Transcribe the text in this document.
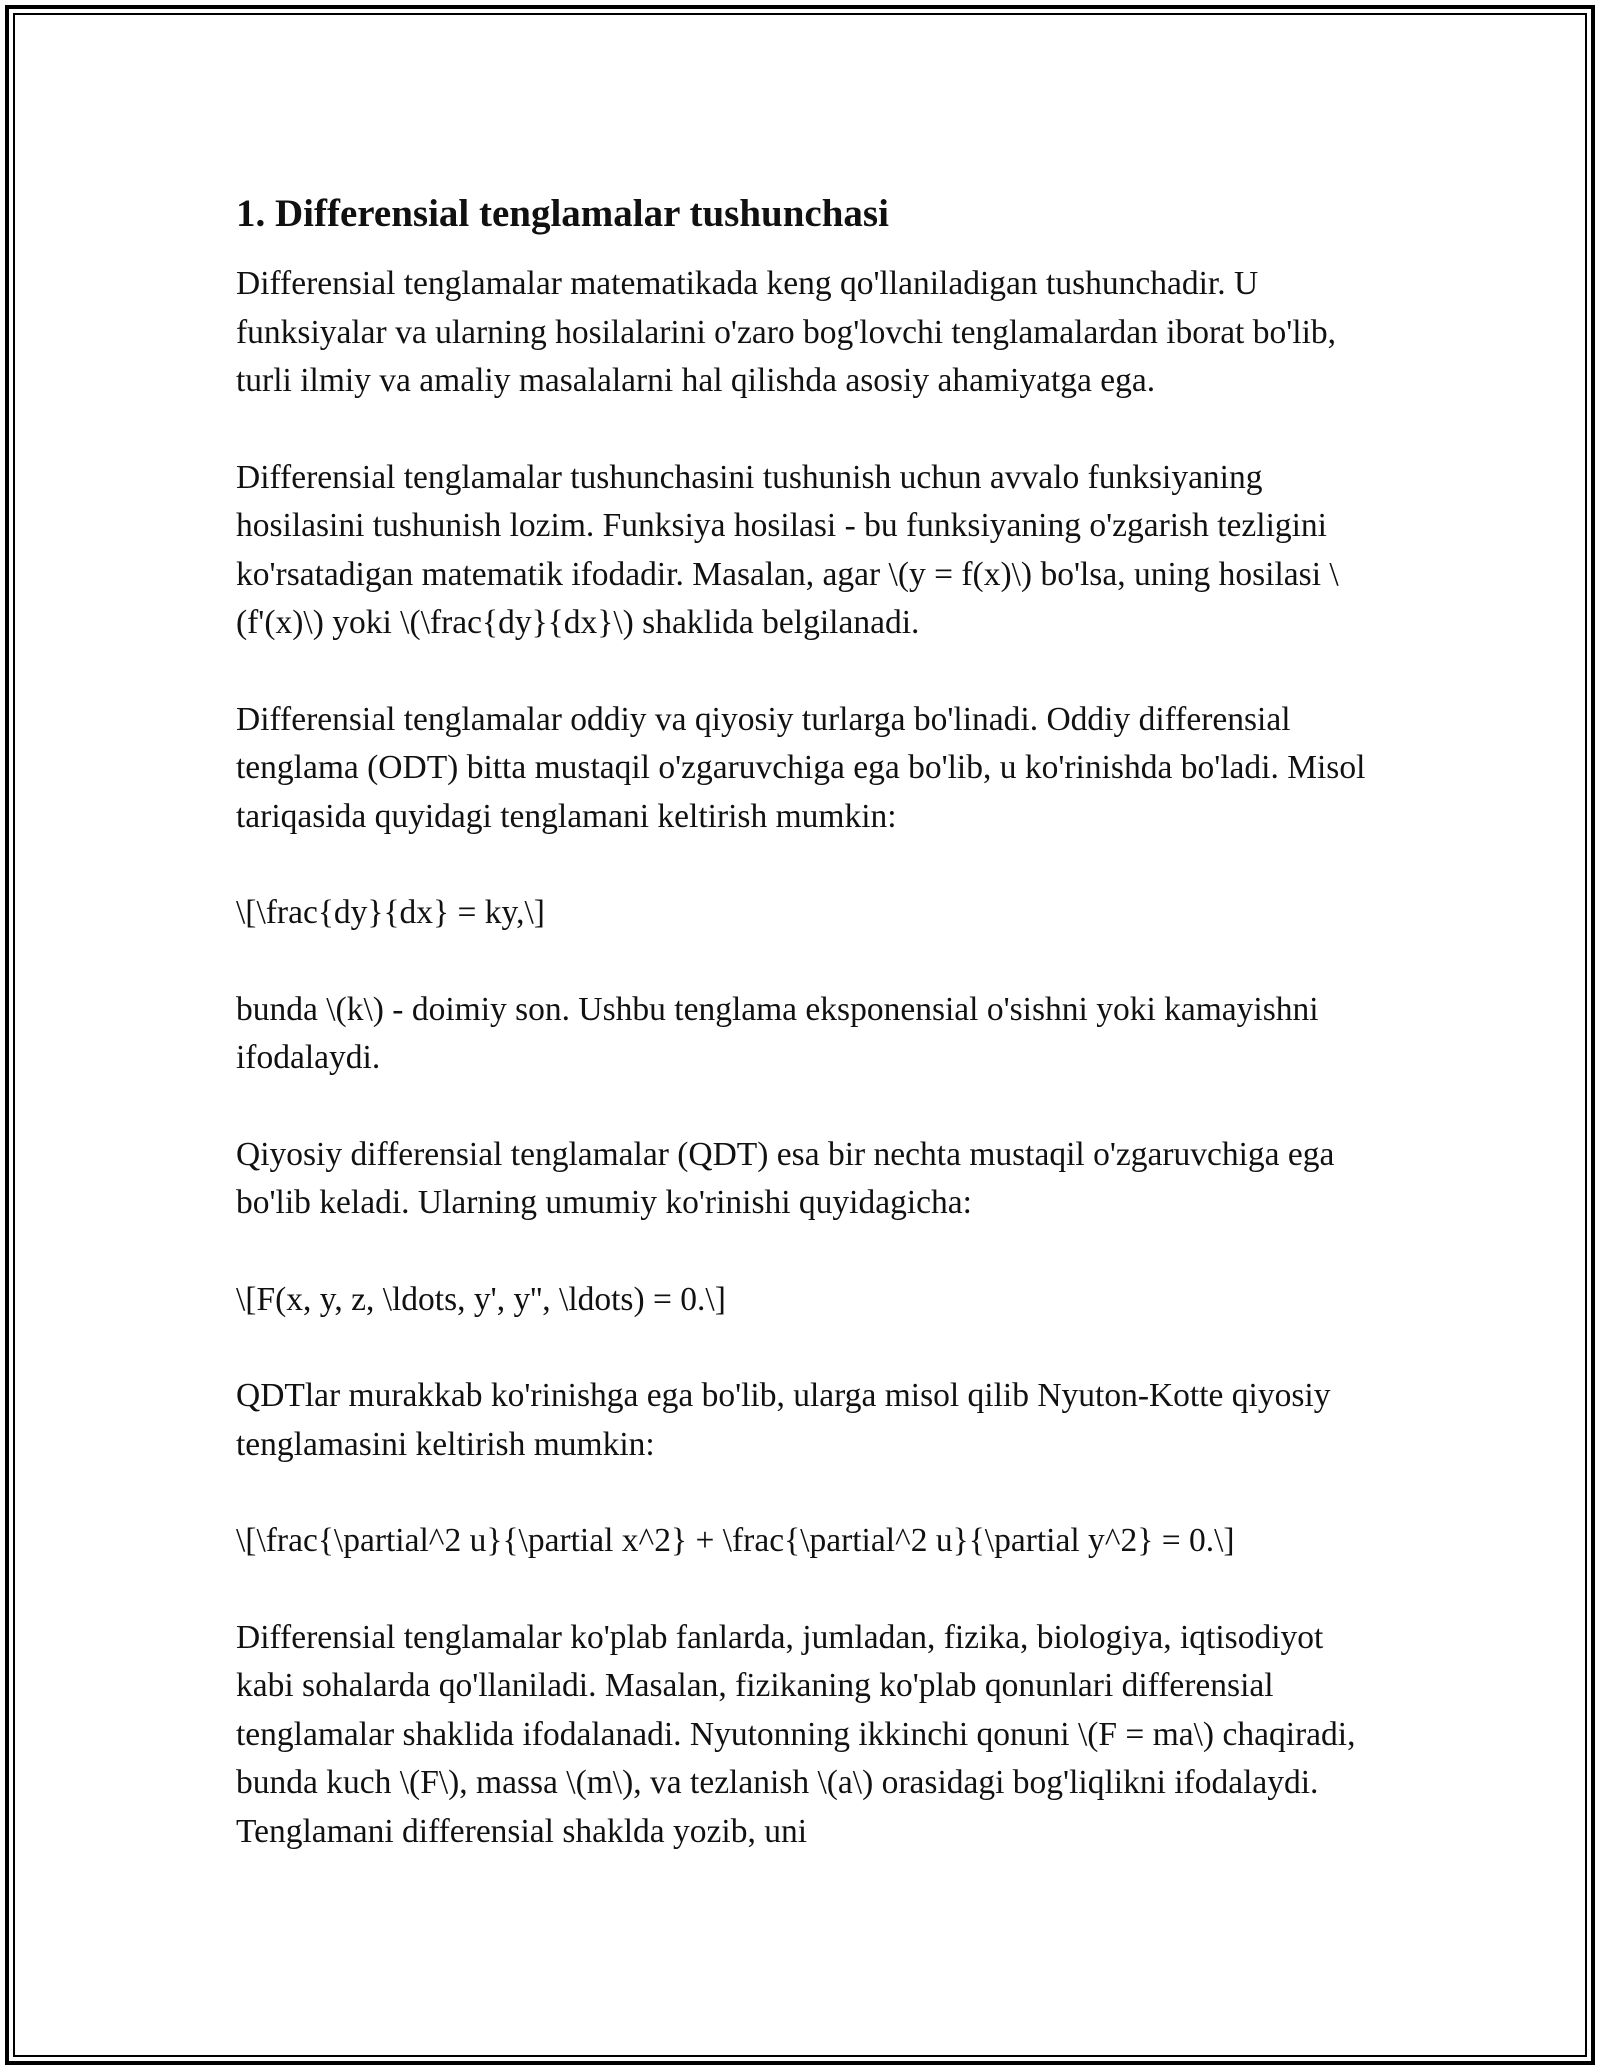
1. Differensial tenglamalar tushunchasi

Differensial tenglamalar matematikada keng qo'llaniladigan tushunchadir. U funksiyalar va ularning hosilalarini o'zaro bog'lovchi tenglamalardan iborat bo'lib, turli ilmiy va amaliy masalalarni hal qilishda asosiy ahamiyatga ega.

Differensial tenglamalar tushunchasini tushunish uchun avvalo funksiyaning hosilasini tushunish lozim. Funksiya hosilasi - bu funksiyaning o'zgarish tezligini ko'rsatadigan matematik ifodadir. Masalan, agar \(y = f(x)\) bo'lsa, uning hosilasi \(f'(x)\) yoki \(\frac{dy}{dx}\) shaklida belgilanadi.

Differensial tenglamalar oddiy va qiyosiy turlarga bo'linadi. Oddiy differensial tenglama (ODT) bitta mustaqil o'zgaruvchiga ega bo'lib, u ko'rinishda bo'ladi. Misol tariqasida quyidagi tenglamani keltirish mumkin:

\[\frac{dy}{dx} = ky,\]

bunda \(k\) - doimiy son. Ushbu tenglama eksponensial o'sishni yoki kamayishni ifodalaydi.

Qiyosiy differensial tenglamalar (QDT) esa bir nechta mustaqil o'zgaruvchiga ega bo'lib keladi. Ularning umumiy ko'rinishi quyidagicha:

\[F(x, y, z, \ldots, y', y'', \ldots) = 0.\]

QDTlar murakkab ko'rinishga ega bo'lib, ularga misol qilib Nyuton-Kotte qiyosiy tenglamasini keltirish mumkin:

\[\frac{\partial^2 u}{\partial x^2} + \frac{\partial^2 u}{\partial y^2} = 0.\]

Differensial tenglamalar ko'plab fanlarda, jumladan, fizika, biologiya, iqtisodiyot kabi sohalarda qo'llaniladi. Masalan, fizikaning ko'plab qonunlari differensial tenglamalar shaklida ifodalanadi. Nyutonning ikkinchi qonuni \(F = ma\) chaqiradi, bunda kuch \(F\), massa \(m\), va tezlanish \(a\) orasidagi bog'liqlikni ifodalaydi. Tenglamani differensial shaklda yozib, uni
